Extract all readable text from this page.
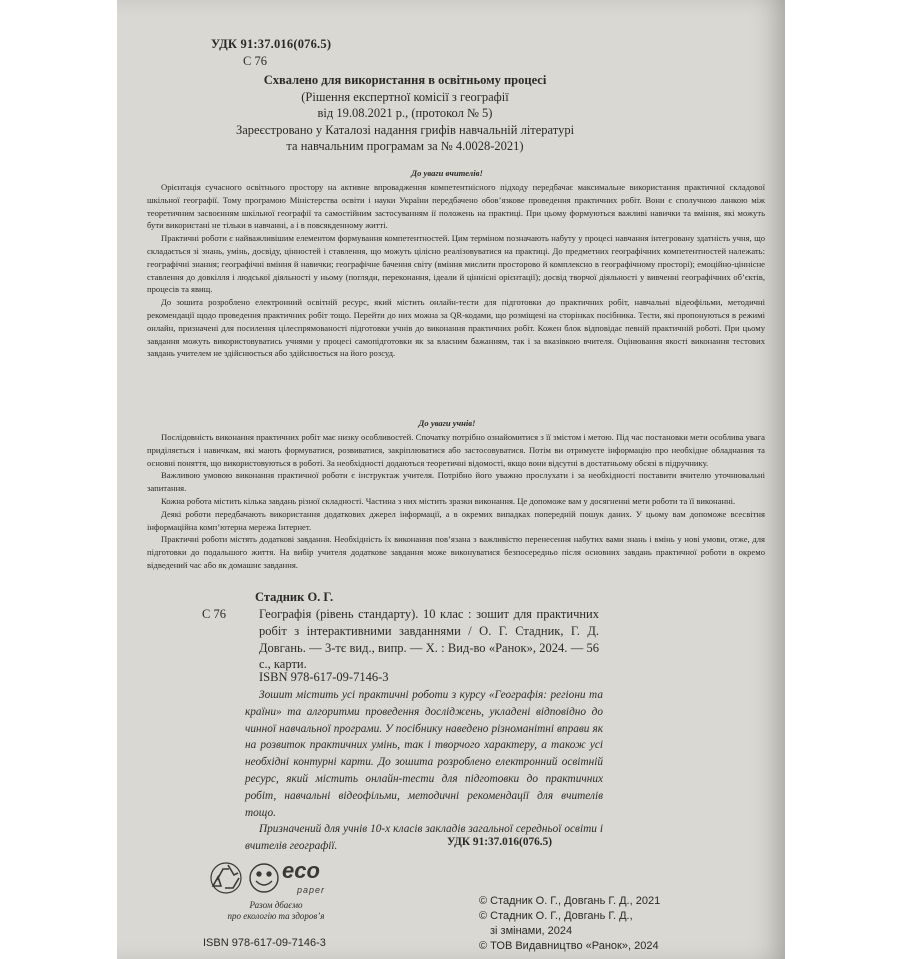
УДК 91:37.016(076.5)
С 76
Схвалено для використання в освітньому процесі
(Рішення експертної комісії з географії
від 19.08.2021 р., (протокол № 5)
Зареєстровано у Каталозі надання грифів навчальній літературі
та навчальним програмам за № 4.0028-2021)
До уваги вчителів!

Орієнтація сучасного освітнього простору на активне впровадження компетентнісного підходу передбачає максимальне використання практичної складової шкільної географії. Тому програмою Міністерства освіти і науки України передбачено обов’язкове проведення практичних робіт. Вони є сполучною ланкою між теоретичним засвоєнням шкільної географії та самостійним застосуванням ії положень на практиці. При цьому формуються важливі навички та вміння, які можуть бути використані не тільки в навчанні, а і в повсякденному житті.

Практичні роботи є найважливішим елементом формування компетентностей. Цим терміном позначають набуту у процесі навчання інтегровану здатність учня, що складається зі знань, умінь, досвіду, цінностей і ставлення, що можуть цілісно реалізовуватися на практиці. До предметних географічних компетентностей належать: географічні знання; географічні вміння й навички; географічне бачення світу (вміння мислити просторово й комплексно в географічному просторі); емоційно-ціннісне ставлення до довкілля і людської діяльності у ньому (погляди, переконання, ідеали й ціннісні орієнтації); досвід творчої діяльності у вивченні географічних об’єктів, процесів та явищ.

До зошита розроблено електронний освітній ресурс, який містить онлайн-тести для підготовки до практичних робіт, навчальні відеофільми, методичні рекомендації щодо проведення практичних робіт тощо. Перейти до них можна за QR-кодами, що розміщені на сторінках посібника. Тести, які пропонуються в режимі онлайн, призначені для посилення цілеспрямованості підготовки учнів до виконання практичних робіт. Кожен блок відповідає певній практичній роботі. При цьому завдання можуть використовуватись учнями у процесі самопідготовки як за власним бажанням, так і за вказівкою вчителя. Оцінювання якості виконання тестових завдань учителем не здійснюється або здійснюється на його розсуд.

До уваги учнів!

Послідовність виконання практичних робіт має низку особливостей. Спочатку потрібно ознайомитися з її змістом і метою. Під час постановки мети особлива увага приділяється і навичкам, які мають формуватися, розвиватися, закріплюватися або застосовуватися. Потім ви отримуєте інформацію про необхідне обладнання та основні поняття, що використовуються в роботі. За необхідності додаються теоретичні відомості, якщо вони відсутні в достатньому обсязі в підручнику.

Важливою умовою виконання практичної роботи є інструктаж учителя. Потрібно його уважно прослухати і за необхідності поставити вчителю уточнювальні запитання.

Кожна робота містить кілька завдань різної складності. Частина з них містить зразки виконання. Це допоможе вам у досягненні мети роботи та її виконанні.

Деякі роботи передбачають використання додаткових джерел інформації, а в окремих випадках попередній пошук даних. У цьому вам допоможе всесвітня інформаційна комп’ютерна мережа Інтернет.

Практичні роботи містять додаткові завдання. Необхідність їх виконання пов’язана з важливістю перенесення набутих вами знань і вмінь у нові умови, отже, для підготовки до подальшого життя. На вибір учителя додаткове завдання може виконуватися безпосередньо після основних завдань практичної роботи в окремо відведений час або як домашнє завдання.

Стадник О. Г.
С 76	Географія (рівень стандарту). 10 клас : зошит для практичних робіт з інтерактивними завданнями / О. Г. Стадник, Г. Д. Довгань. — 3-тє вид., випр. — Х. : Вид-во «Ранок», 2024. — 56 с., карти.
ISBN 978-617-09-7146-3

Зошит містить усі практичні роботи з курсу «Географія: регіони та країни» та алгоритми проведення досліджень, укладені відповідно до чинної навчальної програми. У посібнику наведено різноманітні вправи як на розвиток практичних умінь, так і творчого характеру, а також усі необхідні контурні карти. До зошита розроблено електронний освітній ресурс, який містить онлайн-тести для підготовки до практичних робіт, навчальні відеофільми, методичні рекомендації для вчителів тощо.

Призначений для учнів 10-х класів закладів загальної середньої освіти і вчителів географії.	УДК 91:37.016(076.5)
eco
paper
Разом дбаємо
про екологію та здоров’я
ISBN 978-617-09-7146-3
© Стадник О. Г., Довгань Г. Д., 2021
© Стадник О. Г., Довгань Г. Д.,
зі змінами, 2024
© ТОВ Видавництво «Ранок», 2024
